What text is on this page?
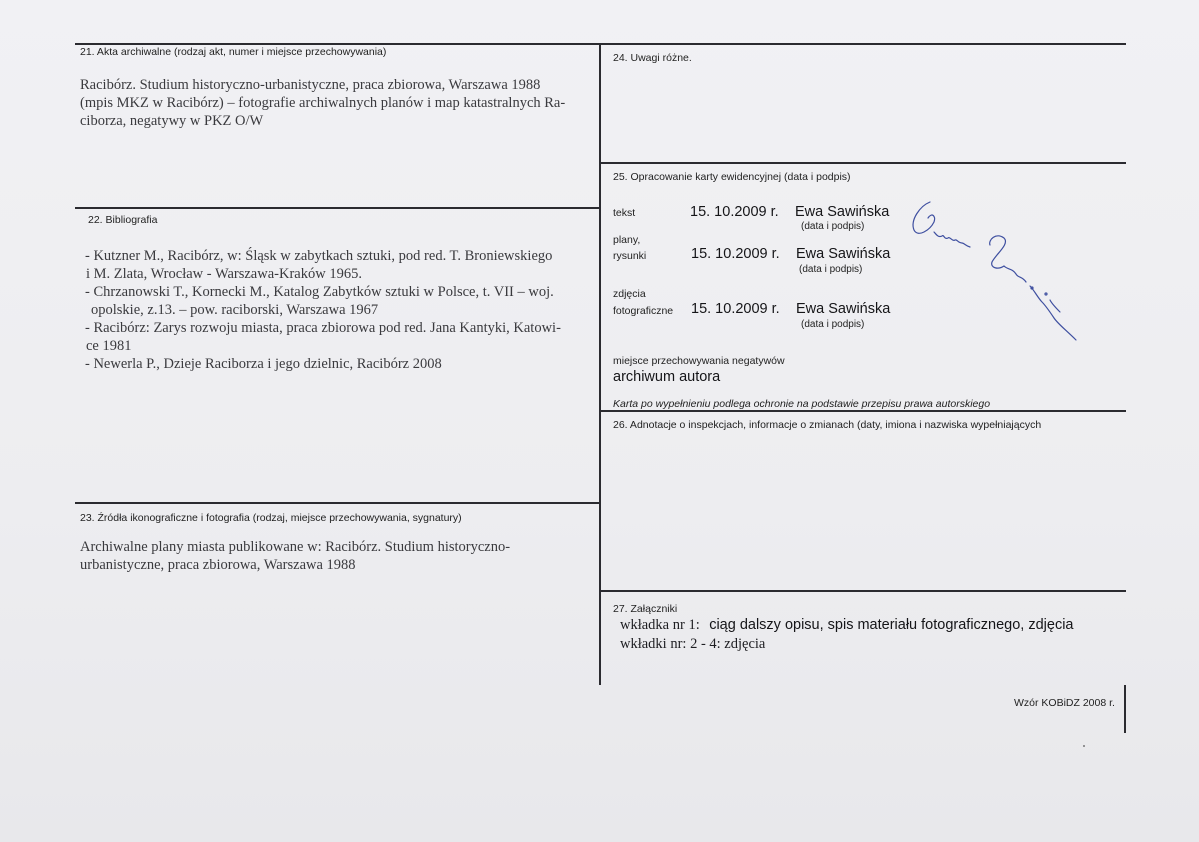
21. Akta archiwalne (rodzaj akt, numer i miejsce przechowywania)
Racibórz. Studium historyczno-urbanistyczne, praca zbiorowa, Warszawa 1988
(mpis MKZ w Racibórz) – fotografie archiwalnych planów i map katastralnych Ra-
ciborza, negatywy w PKZ O/W
22. Bibliografia
- Kutzner M., Racibórz, w: Śląsk w zabytkach sztuki, pod red. T. Broniewskiego
i M. Zlata, Wrocław - Warszawa-Kraków 1965.
- Chrzanowski T., Kornecki M., Katalog Zabytków sztuki w Polsce, t. VII – woj.
opolskie, z.13. – pow. raciborski, Warszawa 1967
- Racibórz: Zarys rozwoju miasta, praca zbiorowa pod red. Jana Kantyki, Katowi-
ce 1981
- Newerla P., Dzieje Raciborza i jego dzielnic, Racibórz 2008
23. Źródła ikonograficzne i fotografia (rodzaj, miejsce przechowywania, sygnatury)
Archiwalne plany miasta publikowane w: Racibórz. Studium historyczno-
urbanistyczne, praca zbiorowa, Warszawa 1988
24. Uwagi różne.
25. Opracowanie karty ewidencyjnej (data i podpis)
tekst	15. 10.2009 r. Ewa Sawińska
(data i podpis)
plany,
rysunki	15. 10.2009 r. Ewa Sawińska
(data i podpis)
zdjęcia
fotograficzne 15. 10.2009 r. Ewa Sawińska
(data i podpis)
miejsce przechowywania negatywów
archiwum autora
Karta po wypełnieniu podlega ochronie na podstawie przepisu prawa autorskiego
26. Adnotacje o inspekcjach, informacje o zmianach (daty, imiona i nazwiska wypełniających
27. Załączniki
wkładka nr 1: ciąg dalszy opisu, spis materiału fotograficznego, zdjęcia
wkładki nr: 2 - 4: zdjęcia
Wzór KOBiDZ 2008 r.
